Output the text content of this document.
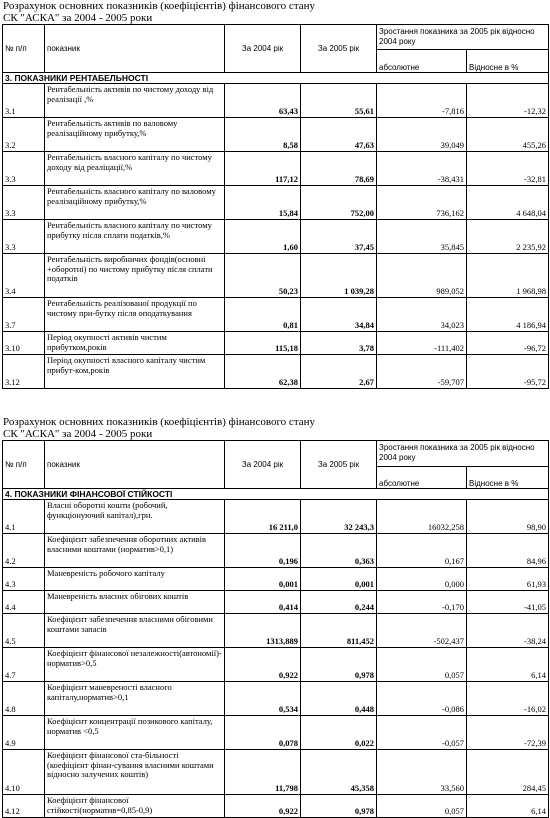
Розрахунок основних показників (коефіцієнтів) фінансового стану
СК "АСКА" за 2004 - 2005 роки
№ п/п	показник	За 2004 рік	За 2005 рік	Зростання показника за 2005 рік відносно 2004 року	
				абсолютне	Відносне в %
3. ПОКАЗНИКИ РЕНТАБЕЛЬНОСТІ					
3.1	Рентабельність активів по чистому доходу від реалізації ,%	63,43	55,61	-7,816	-12,32
3.2	Рентабельність активів по валовому реалізаційному прибутку,%	8,58	47,63	39,049	455,26
3.3	Рентабельність власного капіталу по чистому доходу від реаліцації,%	117,12	78,69	-38,431	-32,81
3.3	Рентабельність власного капіталу по валовому реалізаційному прибутку,%	15,84	752,00	736,162	4 648,04
3.3	Рентабельність власного капіталу по чистому прибутку після сплати податків,%	1,60	37,45	35,845	2 235,92
3.4	Рентабельність виробничих фондів(основні +оборотні) по чистому прибутку після сплати податків	50,23	1 039,28	989,052	1 968,98
3.7	Рентабельність реалізованої продукції по чистому при-бутку після оподаткування	0,81	34,84	34,023	4 186,94
3.10	Період окупності активів чистим прибутком,років	115,18	3,78	-111,402	-96,72
3.12	Період окупності власного капіталу чистим прибут-ком,років	62,38	2,67	-59,707	-95,72
Розрахунок основних показників (коефіцієнтів) фінансового стану
СК "АСКА" за 2004 - 2005 роки
№ п/п	показник	За 2004 рік	За 2005 рік	Зростання показника за 2005 рік відносно 2004 року	
				абсолютне	Відносне в %
4. ПОКАЗНИКИ ФІНАНСОВОЇ СТІЙКОСТІ					
4.1	Власні оборотні кошти (робочий, функціонуючий капітал),грн.	16 211,0	32 243,3	16032,258	98,90
4.2	Коефіцієнт забезпечення оборотних активів власними коштами (норматив>0,1)	0,196	0,363	0,167	84,96
4.3	Маневреність робочого капіталу	0,001	0,001	0,000	61,93
4.4	Маневреність власних обігових коштів	0,414	0,244	-0,170	-41,05
4.5	Коефіцієнт забезпечення власними обіговими коштами запасів	1313,889	811,452	-502,437	-38,24
4.7	Коефіцієнт фінансової незалежності(автономії)-норматив>0,5	0,922	0,978	0,057	6,14
4.8	Коефіцієнт маневреності власного капіталу,норматив>0,1	0,534	0,448	-0,086	-16,02
4.9	Коефіцієнт концентрації позикового капіталу, норматив <0,5	0,078	0,022	-0,057	-72,39
4.10	Коефіцієнт фінансової ста-більності (коефіцієнт фінан-сування власними коштами відносно залучених коштів)	11,798	45,358	33,560	284,45
4.12	Коефіцієнт фінансової стійкості(норматив=0,85-0,9)	0,922	0,978	0,057	6,14
